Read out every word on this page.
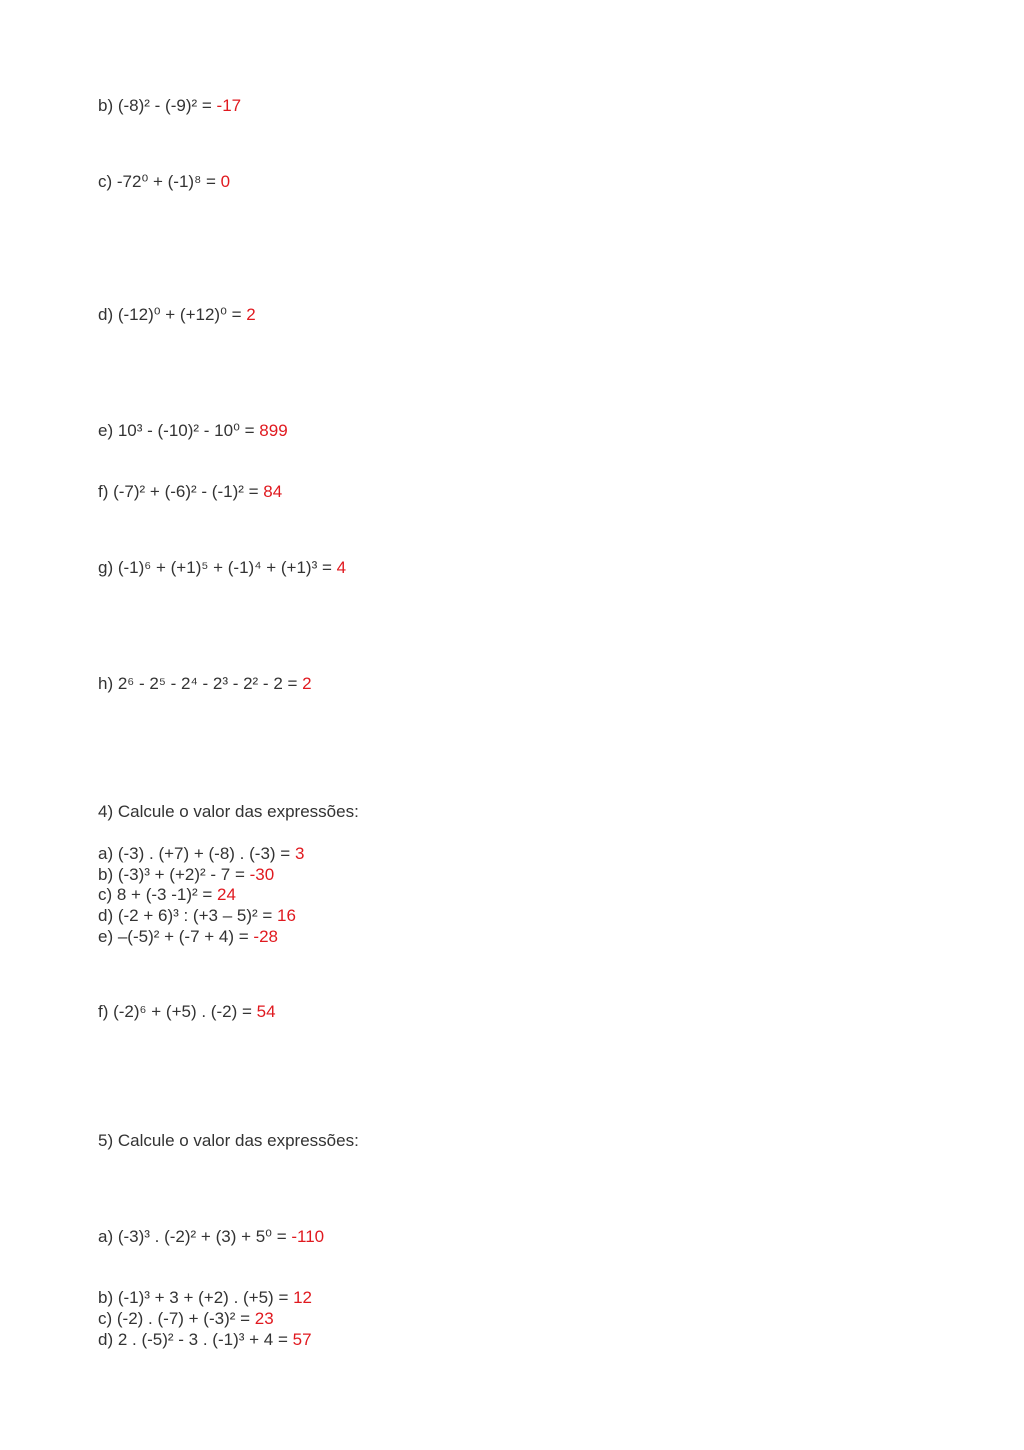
b) (-8)² - (-9)² = -17
c) -72⁰ + (-1)⁸ = 0
d) (-12)⁰ + (+12)⁰ = 2
e) 10³ - (-10)² - 10⁰ = 899
f) (-7)² + (-6)² - (-1)² = 84
g) (-1)⁶ + (+1)⁵ + (-1)⁴ + (+1)³ = 4
h) 2⁶ - 2⁵ - 2⁴ - 2³ - 2² - 2 = 2
4) Calcule o valor das expressões:
a) (-3) . (+7) + (-8) . (-3) = 3
b) (-3)³ + (+2)² - 7 = -30
c) 8 + (-3 -1)² = 24
d) (-2 + 6)³ : (+3 – 5)² = 16
e) –(-5)² + (-7 + 4) = -28
f) (-2)⁶ + (+5) . (-2) = 54
5) Calcule o valor das expressões:
a) (-3)³ . (-2)² + (3) + 5⁰ = -110
b) (-1)³ + 3 + (+2) . (+5) = 12
c) (-2) . (-7) + (-3)² = 23
d) 2 . (-5)² - 3 . (-1)³ + 4 = 57
